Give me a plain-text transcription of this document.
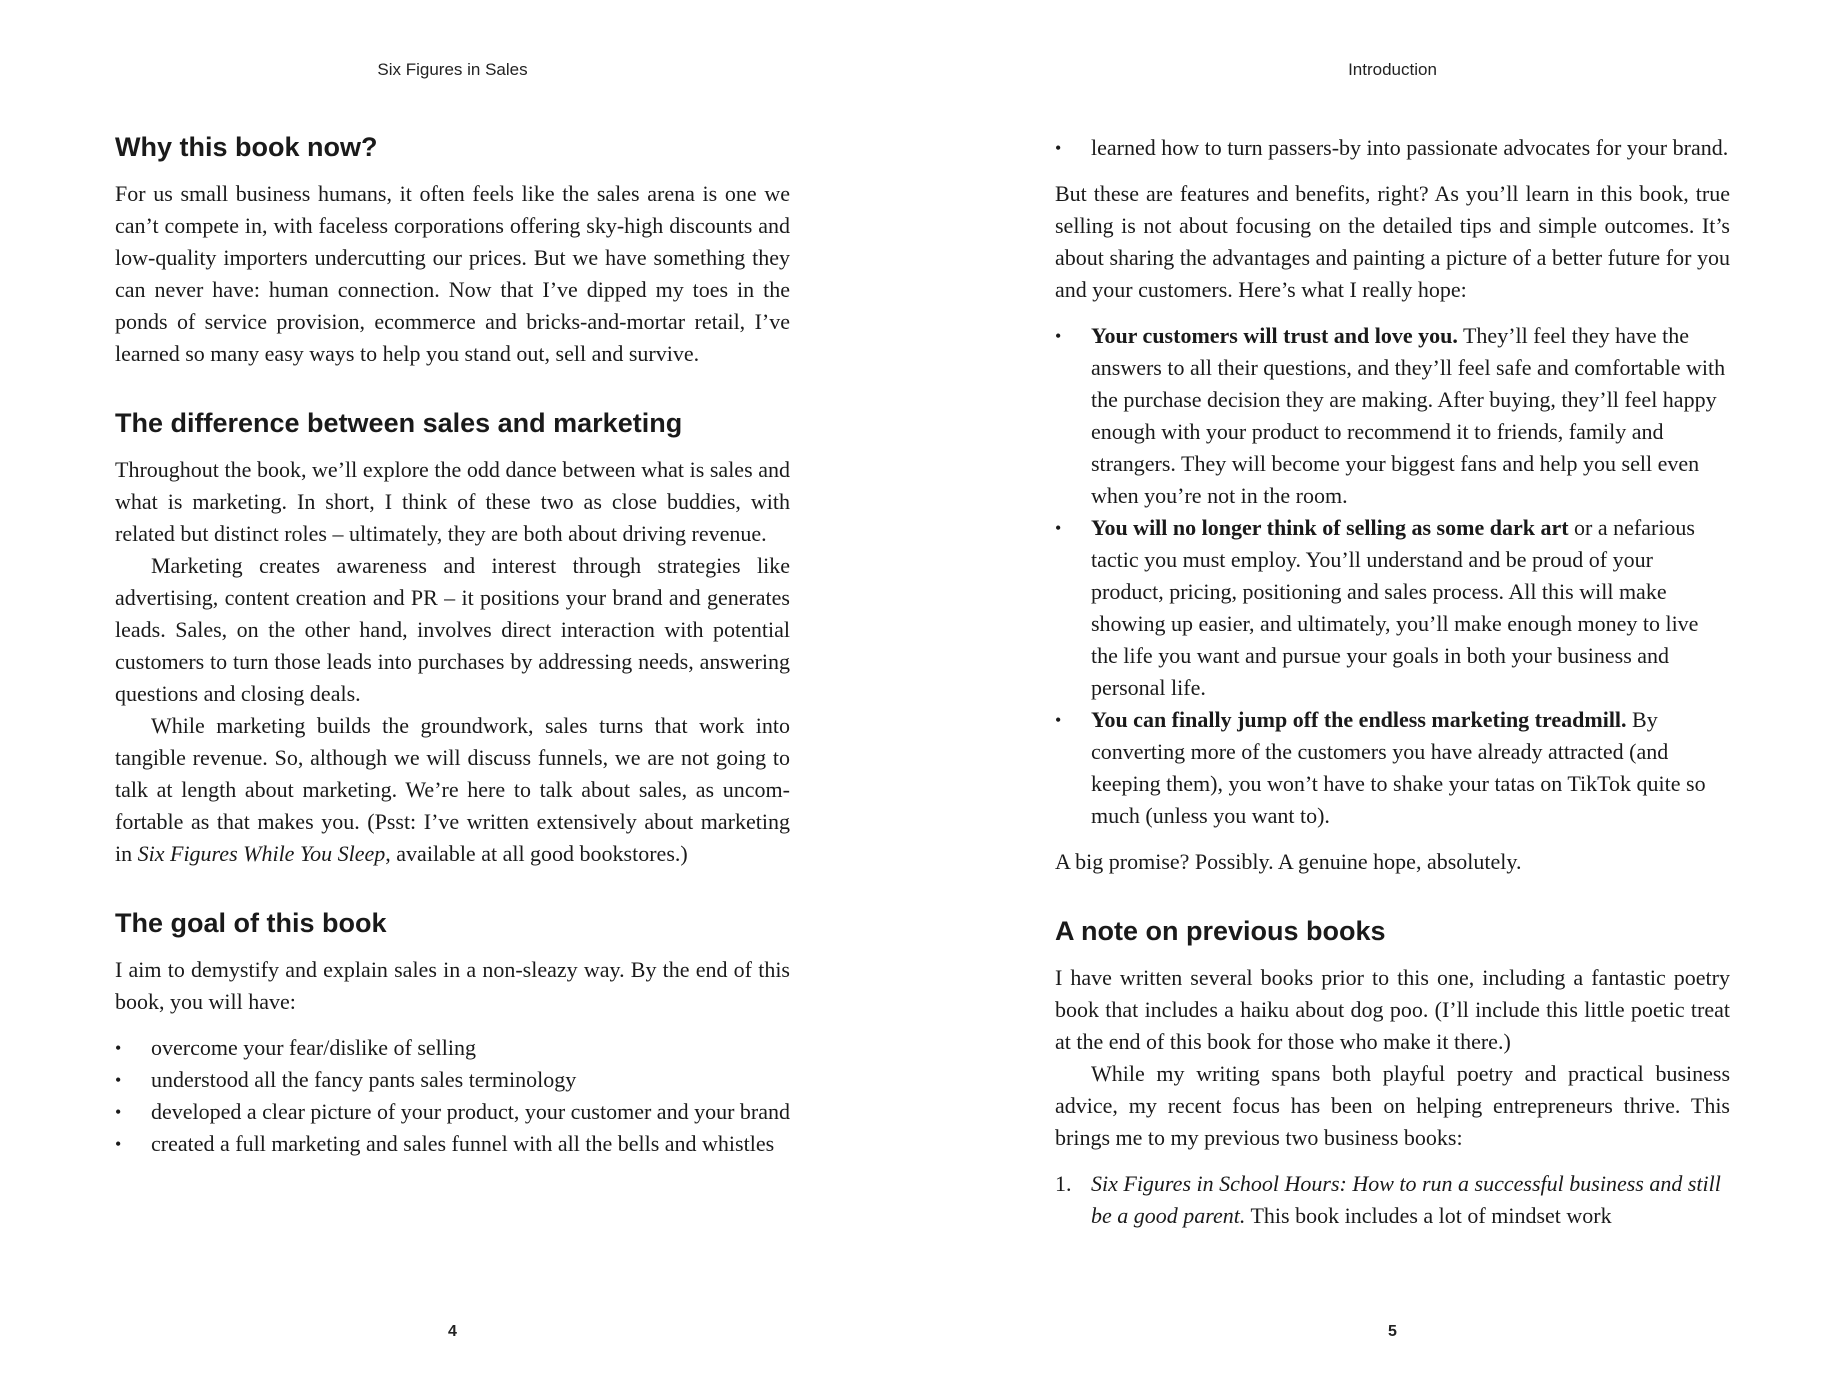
Six Figures in Sales
Why this book now?

For us small business humans, it often feels like the sales arena is one we can’t compete in, with faceless corporations offering sky-high discounts and low-quality importers undercutting our prices. But we have something they can never have: human connection. Now that I’ve dipped my toes in the ponds of service provision, ecommerce and bricks-and-mortar retail, I’ve learned so many easy ways to help you stand out, sell and survive.

The difference between sales and marketing

Throughout the book, we’ll explore the odd dance between what is sales and what is marketing. In short, I think of these two as close buddies, with related but distinct roles – ultimately, they are both about driving revenue.

Marketing creates awareness and interest through strategies like advertising, content creation and PR – it positions your brand and generates leads. Sales, on the other hand, involves direct interaction with potential customers to turn those leads into purchases by addressing needs, answering questions and closing deals.

While marketing builds the groundwork, sales turns that work into tangible revenue. So, although we will discuss funnels, we are not going to talk at length about marketing. We’re here to talk about sales, as uncomfortable as that makes you. (Psst: I’ve written extensively about marketing in Six Figures While You Sleep, available at all good bookstores.)

The goal of this book

I aim to demystify and explain sales in a non-sleazy way. By the end of this book, you will have:

•	overcome your fear/dislike of selling
•	understood all the fancy pants sales terminology
•	developed a clear picture of your product, your customer and your brand
•	created a full marketing and sales funnel with all the bells and whistles
4
Introduction
•	learned how to turn passers-by into passionate advocates for your brand.

But these are features and benefits, right? As you’ll learn in this book, true selling is not about focusing on the detailed tips and simple outcomes. It’s about sharing the advantages and painting a picture of a better future for you and your customers. Here’s what I really hope:

•	Your customers will trust and love you. They’ll feel they have the answers to all their questions, and they’ll feel safe and comfortable with the purchase decision they are making. After buying, they’ll feel happy enough with your product to recommend it to friends, family and strangers. They will become your biggest fans and help you sell even when you’re not in the room.
•	You will no longer think of selling as some dark art or a nefarious tactic you must employ. You’ll understand and be proud of your product, pricing, positioning and sales process. All this will make showing up easier, and ultimately, you’ll make enough money to live the life you want and pursue your goals in both your business and personal life.
•	You can finally jump off the endless marketing treadmill. By converting more of the customers you have already attracted (and keeping them), you won’t have to shake your tatas on TikTok quite so much (unless you want to).

A big promise? Possibly. A genuine hope, absolutely.

A note on previous books

I have written several books prior to this one, including a fantastic poetry book that includes a haiku about dog poo. (I’ll include this little poetic treat at the end of this book for those who make it there.)

While my writing spans both playful poetry and practical business advice, my recent focus has been on helping entrepreneurs thrive. This brings me to my previous two business books:

1. Six Figures in School Hours: How to run a successful business and still be a good parent. This book includes a lot of mindset work
5
